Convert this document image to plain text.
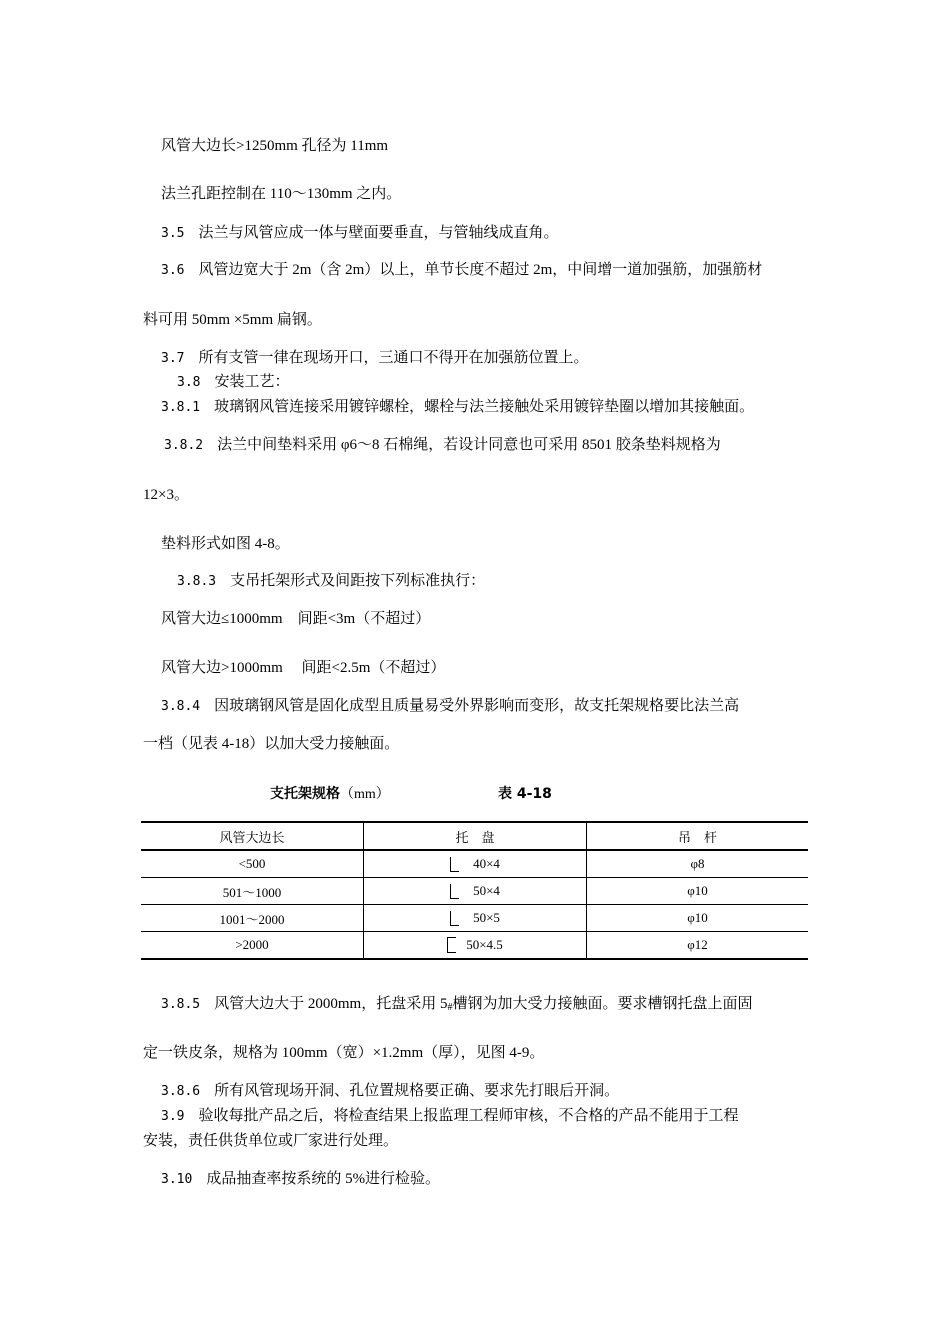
风管大边长>1250mm 孔径为 11mm
法兰孔距控制在 110～130mm 之内。
3.5 法兰与风管应成一体与壁面要垂直，与管轴线成直角。
3.6 风管边宽大于 2m（含 2m）以上，单节长度不超过 2m，中间增一道加强筋，加强筋材
料可用 50mm ×5mm 扁钢。
3.7 所有支管一律在现场开口，三通口不得开在加强筋位置上。
3.8 安装工艺：
3.8.1 玻璃钢风管连接采用镀锌螺栓，螺栓与法兰接触处采用镀锌垫圈以增加其接触面。
3.8.2 法兰中间垫料采用 φ6～8 石棉绳，若设计同意也可采用 8501 胶条垫料规格为
12×3。
垫料形式如图 4-8。
3.8.3 支吊托架形式及间距按下列标准执行：
风管大边≤1000mm    间距<3m（不超过）
风管大边>1000mm     间距<2.5m（不超过）
3.8.4 因玻璃钢风管是固化成型且质量易受外界影响而变形，故支托架规格要比法兰高
一档（见表 4-18）以加大受力接触面。
支托架规格（mm）	表 4-18
风管大边长	托　盘	吊　杆
<500	40×4	φ8
501～1000	50×4	φ10
1001～2000	50×5	φ10
>2000	50×4.5	φ12
3.8.5 风管大边大于 2000mm，托盘采用 $5_{\#}$槽钢为加大受力接触面。要求槽钢托盘上面固
定一铁皮条，规格为 100mm（宽）×1.2mm（厚），见图 4-9。
3.8.6 所有风管现场开洞、孔位置规格要正确、要求先打眼后开洞。
3.9 验收每批产品之后，将检查结果上报监理工程师审核，不合格的产品不能用于工程
安装，责任供货单位或厂家进行处理。
3.10 成品抽查率按系统的 5%进行检验。
